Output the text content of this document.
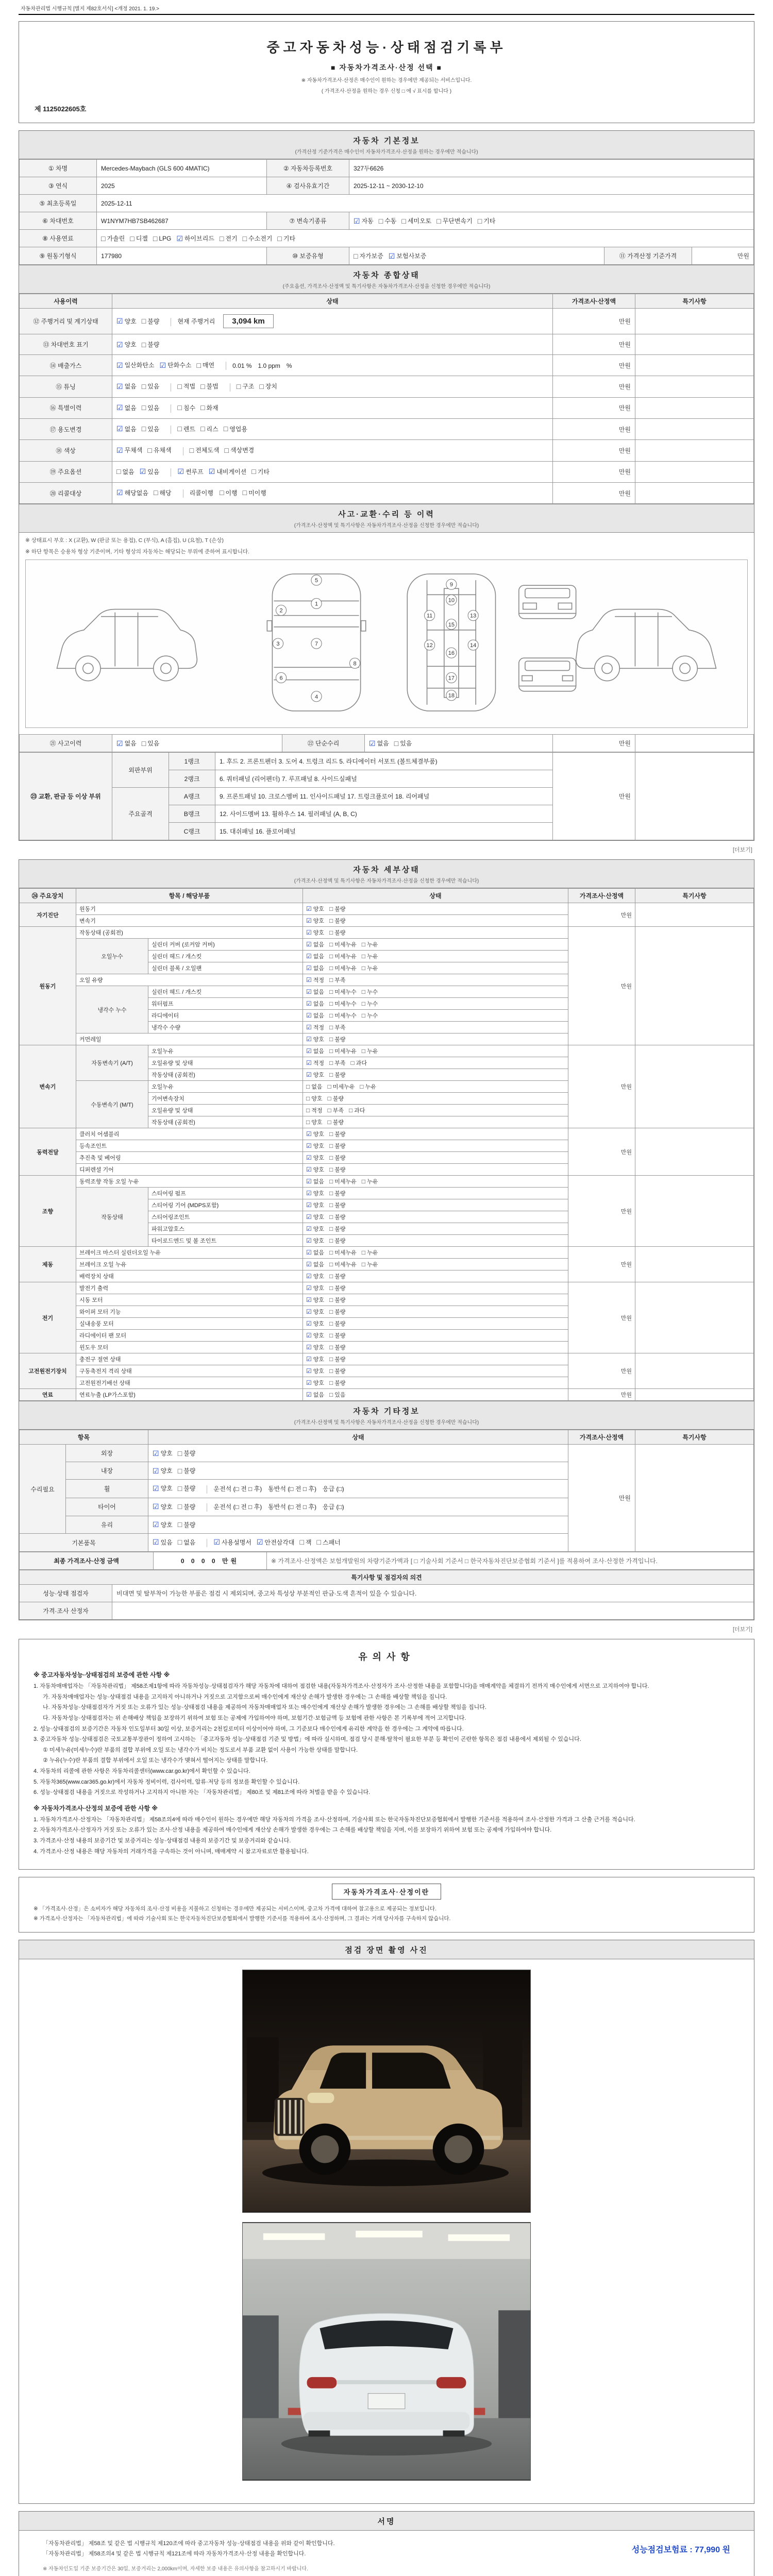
자동차관리법 시행규칙 [별지 제82호서식] <개정 2021. 1. 19.>
중고자동차성능·상태점검기록부
■ 자동차가격조사·산정 선택 ■
※ 자동차가격조사·산정은 매수인이 원하는 경우에만 제공되는 서비스입니다.
( 가격조사·산정을 원하는 경우 신청 □ 에 √ 표시를 합니다 )
제 1125022605호
자동차 기본정보
(가격산정 기준가격은 매수인이 자동차가격조사·산정을 원하는 경우에만 적습니다)
① 차명	Mercedes-Maybach (GLS 600 4MATIC)	② 자동차등록번호	327두6626		
③ 연식	2025	④ 검사유효기간	2025-12-11 ~ 2030-12-10		
⑤ 최초등록일	2025-12-11				
⑥ 차대번호	W1NYM7HB7SB462687	⑦ 변속기종류	☑ 자동 □ 수동 □ 세미오토 □ 무단변속기 □ 기타

⑧ 사용연료	□ 가솔린 □ 디젤 □ LPG ☑ 하이브리드 □ 전기 □ 수소전기 □ 기타

⑨ 원동기형식	177980	⑩ 보증유형	□ 자가보증 ☑ 보험사보증	⑪ 가격산정 기준가격	만원
자동차 종합상태
(주요옵션, 가격조사·산정액 및 특기사항은 자동차가격조사·산정을 신청한 경우에만 적습니다)
사용이력	상태	가격조사·산정액	특기사항
⑫ 주행거리 및 계기상태	☑ 양호 □ 불량 현재 주행거리 3,094 km	만원	
⑬ 차대번호 표기	☑ 양호 □ 불량	만원	
⑭ 배출가스	☑ 일산화탄소 ☑ 탄화수소 □ 매연	0.01 % 1.0 ppm %	만원	
⑮ 튜닝	☑ 없음 □ 있음	□ 적법 □ 불법	□ 구조 □ 장치	만원	
⑯ 특별이력	☑ 없음 □ 있음	□ 침수 □ 화재	만원	
⑰ 용도변경	☑ 없음 □ 있음	□ 렌트 □ 리스 □ 영업용	만원	
⑱ 색상	☑ 무채색 □ 유채색	□ 전체도색 □ 색상변경	만원	
⑲ 주요옵션	□ 없음 ☑ 있음	☑ 썬루프 ☑ 내비게이션 □ 기타	만원	
⑳ 리콜대상	☑ 해당없음 □ 해당	리콜이행 □ 이행 □ 미이행	만원	
사고·교환·수리 등 이력
(가격조사·산정액 및 특기사항은 자동차가격조사·산정을 신청한 경우에만 적습니다)
※ 상태표시 부호 : X (교환), W (판금 또는 용접), C (부식), A (흠집), U (요철), T (손상)
※ 하단 항목은 승용차 형상 기준이며, 기타 형상의 자동차는 해당되는 부위에 준하여 표시합니다.
5
1
2
3	7
8
6
4
9
10
11	13
15
12	14
16
17
18
㉑ 사고이력	☑ 없음 □ 있음	㉒ 단순수리	☑ 없음 □ 있음	만원	
㉓ 교환, 판금 등 이상 부위	외판부위	1랭크	1. 후드 2. 프론트펜더 3. 도어 4. 트렁크 리드 5. 라디에이터 서포트 (볼트체결부품)	만원	
		2랭크	6. 쿼터패널 (리어펜더) 7. 루프패널 8. 사이드실패널		
	주요골격	A랭크	9. 프론트패널 10. 크로스멤버 11. 인사이드패널 17. 트렁크플로어 18. 리어패널		
		B랭크	12. 사이드멤버 13. 휠하우스 14. 필러패널 (A, B, C)		
		C랭크	15. 대쉬패널 16. 플로어패널		
[더보기]
자동차 세부상태
(가격조사·산정액 및 특기사항은 자동차가격조사·산정을 신청한 경우에만 적습니다)
㉔ 주요장치	항목 / 해당부품		상태	가격조사·산정액	특기사항
자기진단	원동기		☑ 양호 □ 불량	만원	
	변속기		☑ 양호 □ 불량		

원동기	작동상태 (공회전)		☑ 양호 □ 불량	만원	
오일누수	실린더 커버 (로커암 커버)	☑ 없음 □ 미세누유 □ 누유

실린더 헤드 / 개스킷	☑ 없음 □ 미세누유 □ 누유

실린더 블록 / 오일팬	☑ 없음 □ 미세누유 □ 누유

	오일 유량		☑ 적정 □ 부족		

냉각수 누수	실린더 헤드 / 개스킷	☑ 없음 □ 미세누수 □ 누수

워터펌프	☑ 없음 □ 미세누수 □ 누수

라디에이터	☑ 없음 □ 미세누수 □ 누수

		냉각수 수량	☑ 적정 □ 부족		

	커먼레일		☑ 양호 □ 불량		

변속기	자동변속기 (A/T)	오일누유	☑ 없음 □ 미세누유 □ 누유
	만원	
오일유량 및 상태	☑ 적정 □ 부족 □ 과다

		작동상태 (공회전)	☑ 양호 □ 불량		

수동변속기 (M/T)	오일누유	□ 없음 □ 미세누유 □ 누유

		기어변속장치	□ 양호 □ 불량		

오일유량 및 상태	□ 적정 □ 부족 □ 과다

		작동상태 (공회전)	□ 양호 □ 불량		

동력전달	클러치 어셈블리		☑ 양호 □ 불량	만원	
	등속조인트		☑ 양호 □ 불량		

	추진축 및 베어링		☑ 양호 □ 불량		

	디퍼렌셜 기어		☑ 양호 □ 불량		

조향	동력조향 작동 오일 누유	☑ 없음 □ 미세누유 □ 누유
	만원	
	작동상태	스티어링 펌프	☑ 양호 □ 불량		

		스티어링 기어 (MDPS포함)	☑ 양호 □ 불량		

		스티어링조인트	☑ 양호 □ 불량		

		파워고압호스	☑ 양호 □ 불량		

		타이로드엔드 및 볼 조인트	☑ 양호 □ 불량		

제동	브레이크 마스터 실린더오일 누유	☑ 없음 □ 미세누유 □ 누유
	만원	
브레이크 오일 누유	☑ 없음 □ 미세누유 □ 누유

	배력장치 상태		☑ 양호 □ 불량		

전기	발전기 출력		☑ 양호 □ 불량	만원	
	시동 모터		☑ 양호 □ 불량		

	와이퍼 모터 기능		☑ 양호 □ 불량		

	실내송풍 모터		☑ 양호 □ 불량		

	라디에이터 팬 모터		☑ 양호 □ 불량		

	윈도우 모터		☑ 양호 □ 불량		

고전원전기장치	충전구 절연 상태		☑ 양호 □ 불량	만원	
	구동축전지 격리 상태		☑ 양호 □ 불량		

	고전원전기배선 상태		☑ 양호 □ 불량		

연료	연료누출 (LP가스포함)		☑ 없음 □ 있음	만원	
자동차 기타정보
(가격조사·산정액 및 특기사항은 자동차가격조사·산정을 신청한 경우에만 적습니다)
항목		상태	가격조사·산정액	특기사항
수리필요	외장	☑ 양호 □ 불량	만원	
	내장	☑ 양호 □ 불량		

	휠	☑ 양호 □ 불량 운전석 (□ 전 □ 후) 동반석 (□ 전 □ 후) 응급 (□)		
	타이어	☑ 양호 □ 불량 운전석 (□ 전 □ 후) 동반석 (□ 전 □ 후) 응급 (□)		
	유리	☑ 양호 □ 불량		

기본품목	☑ 있음 □ 없음	☑ 사용설명서 ☑ 안전삼각대 □ 잭 □ 스패너
최종 가격조사·산정 금액	0 0 0 0 만원	※ 가격조사·산정액은 보험개발원의 차량기준가액과 [ □ 기술사회 기준서 □ 한국자동차진단보증협회 기준서 ]를 적용하여 조사·산정한 가격입니다.
특기사항 및 점검자의 의견	
성능·상태 점검자	비대면 및 탈부착이 가능한 부품은 점검 시 제외되며, 중고차 특성상 부분적인 판금·도색 흔적이 있을 수 있습니다.
가격·조사 산정자	
[더보기]
유의사항
※ 중고자동차성능·상태점검의 보증에 관한 사항 ※

1. 자동차매매업자는 「자동차관리법」 제58조제1항에 따라 자동차성능·상태점검자가 해당 자동차에 대하여 점검한 내용(자동차가격조사·산정자가 조사·산정한 내용을 포함합니다)을 매매계약을 체결하기 전까지 매수인에게 서면으로 고지하여야 합니다.

가. 자동차매매업자는 성능·상태점검 내용을 고지하지 아니하거나 거짓으로 고지함으로써 매수인에게 재산상 손해가 발생한 경우에는 그 손해를 배상할 책임을 집니다.

나. 자동차성능·상태점검자가 거짓 또는 오류가 있는 성능·상태점검 내용을 제공하여 자동차매매업자 또는 매수인에게 재산상 손해가 발생한 경우에는 그 손해를 배상할 책임을 집니다.

다. 자동차성능·상태점검자는 위 손해배상 책임을 보장하기 위하여 보험 또는 공제에 가입하여야 하며, 보험기간·보험금액 등 보험에 관한 사항은 본 기록부에 적어 고지합니다.

2. 성능·상태점검의 보증기간은 자동차 인도일부터 30일 이상, 보증거리는 2천킬로미터 이상이어야 하며, 그 기준보다 매수인에게 유리한 계약을 한 경우에는 그 계약에 따릅니다.

3. 중고자동차 성능·상태점검은 국토교통부장관이 정하여 고시하는 「중고자동차 성능·상태점검 기준 및 방법」에 따라 실시하며, 점검 당시 분해·탈착이 필요한 부분 등 확인이 곤란한 항목은 점검 내용에서 제외될 수 있습니다.

① 미세누유(미세누수)란 부품의 결합 부위에 오일 또는 냉각수가 비치는 정도로서 부품 교환 없이 사용이 가능한 상태를 말합니다.

② 누유(누수)란 부품의 결합 부위에서 오일 또는 냉각수가 맺혀서 떨어지는 상태를 말합니다.

4. 자동차의 리콜에 관한 사항은 자동차리콜센터(www.car.go.kr)에서 확인할 수 있습니다.

5. 자동차365(www.car365.go.kr)에서 자동차 정비이력, 검사이력, 압류·저당 등의 정보를 확인할 수 있습니다.

6. 성능·상태점검 내용을 거짓으로 작성하거나 고지하지 아니한 자는 「자동차관리법」 제80조 및 제81조에 따라 처벌을 받을 수 있습니다.

※ 자동차가격조사·산정의 보증에 관한 사항 ※

1. 자동차가격조사·산정자는 「자동차관리법」 제58조의4에 따라 매수인이 원하는 경우에만 해당 자동차의 가격을 조사·산정하며, 기술사회 또는 한국자동차진단보증협회에서 발행한 기준서를 적용하여 조사·산정한 가격과 그 산출 근거를 적습니다.

2. 자동차가격조사·산정자가 거짓 또는 오류가 있는 조사·산정 내용을 제공하여 매수인에게 재산상 손해가 발생한 경우에는 그 손해를 배상할 책임을 지며, 이를 보장하기 위하여 보험 또는 공제에 가입하여야 합니다.

3. 가격조사·산정 내용의 보증기간 및 보증거리는 성능·상태점검 내용의 보증기간 및 보증거리와 같습니다.

4. 가격조사·산정 내용은 해당 자동차의 거래가격을 구속하는 것이 아니며, 매매계약 시 참고자료로만 활용됩니다.

자동차가격조사·산정이란

※ 「가격조사·산정」은 소비자가 해당 자동차의 조사·산정 비용을 지불하고 신청하는 경우에만 제공되는 서비스이며, 중고차 가격에 대하여 참고용으로 제공되는 정보입니다.

※ 가격조사·산정자는 「자동차관리법」에 따라 기술사회 또는 한국자동차진단보증협회에서 발행한 기준서를 적용하여 조사·산정하며, 그 결과는 거래 당사자를 구속하지 않습니다.

점검 장면 촬영 사진
서명

「자동차관리법」 제58조 및 같은 법 시행규칙 제120조에 따라 중고자동차 성능·상태점검 내용을 위와 같이 확인합니다.

「자동차관리법」 제58조의4 및 같은 법 시행규칙 제121조에 따라 자동차가격조사·산정 내용을 확인합니다.	성능점검보험료 : 77,990 원

※ 자동차인도일 기준 보증기간은 30일, 보증거리는 2,000km이며, 자세한 보증 내용은 유의사항을 참고하시기 바랍니다.
